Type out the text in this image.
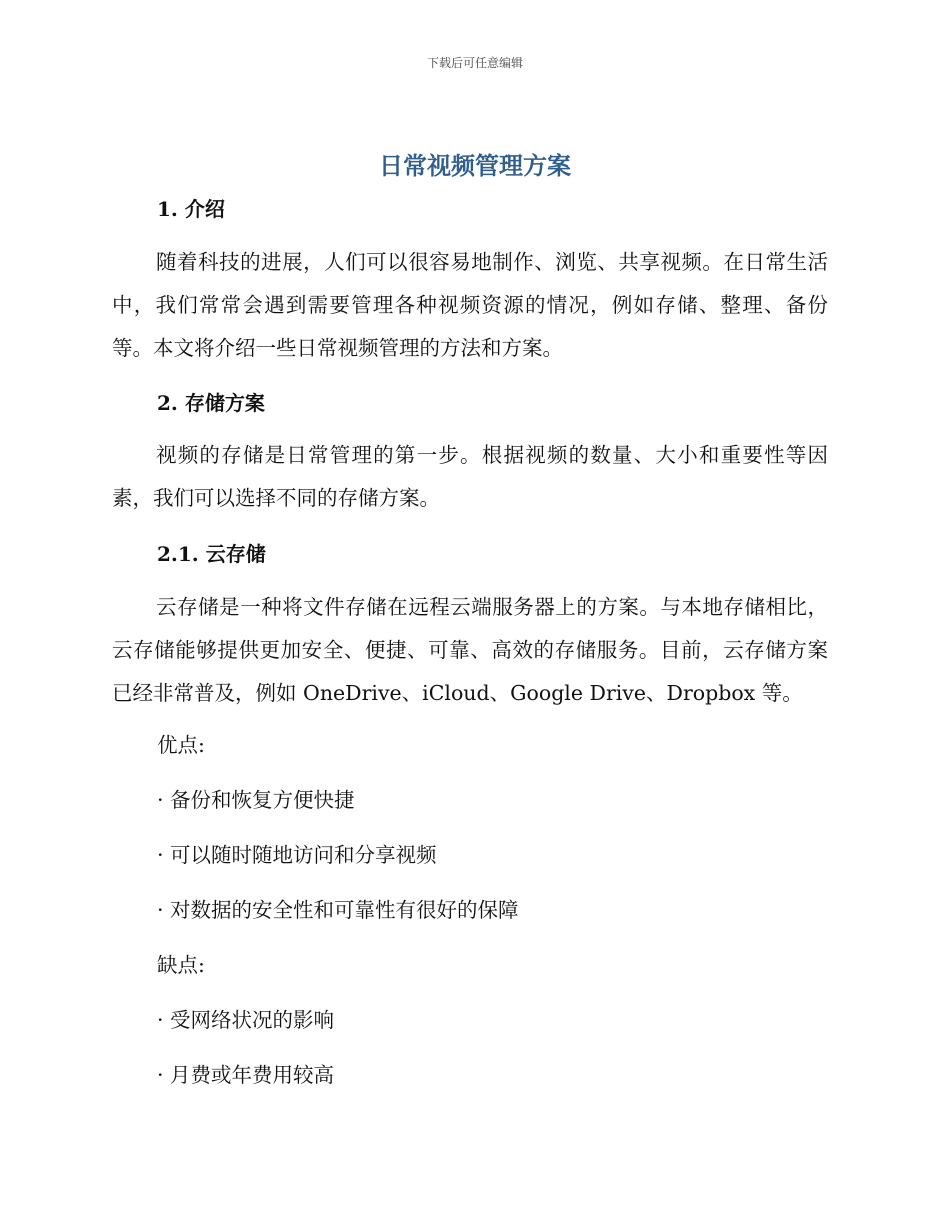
下载后可任意编辑
日常视频管理方案
1. 介绍
随着科技的进展，人们可以很容易地制作、浏览、共享视频。在日常生活中，我们常常会遇到需要管理各种视频资源的情况，例如存储、整理、备份等。本文将介绍一些日常视频管理的方法和方案。
2. 存储方案
视频的存储是日常管理的第一步。根据视频的数量、大小和重要性等因素，我们可以选择不同的存储方案。
2.1. 云存储
云存储是一种将文件存储在远程云端服务器上的方案。与本地存储相比，云存储能够提供更加安全、便捷、可靠、高效的存储服务。目前，云存储方案已经非常普及，例如 OneDrive、iCloud、Google Drive、Dropbox 等。
优点:
· 备份和恢复方便快捷
· 可以随时随地访问和分享视频
· 对数据的安全性和可靠性有很好的保障
缺点:
· 受网络状况的影响
· 月费或年费用较高
